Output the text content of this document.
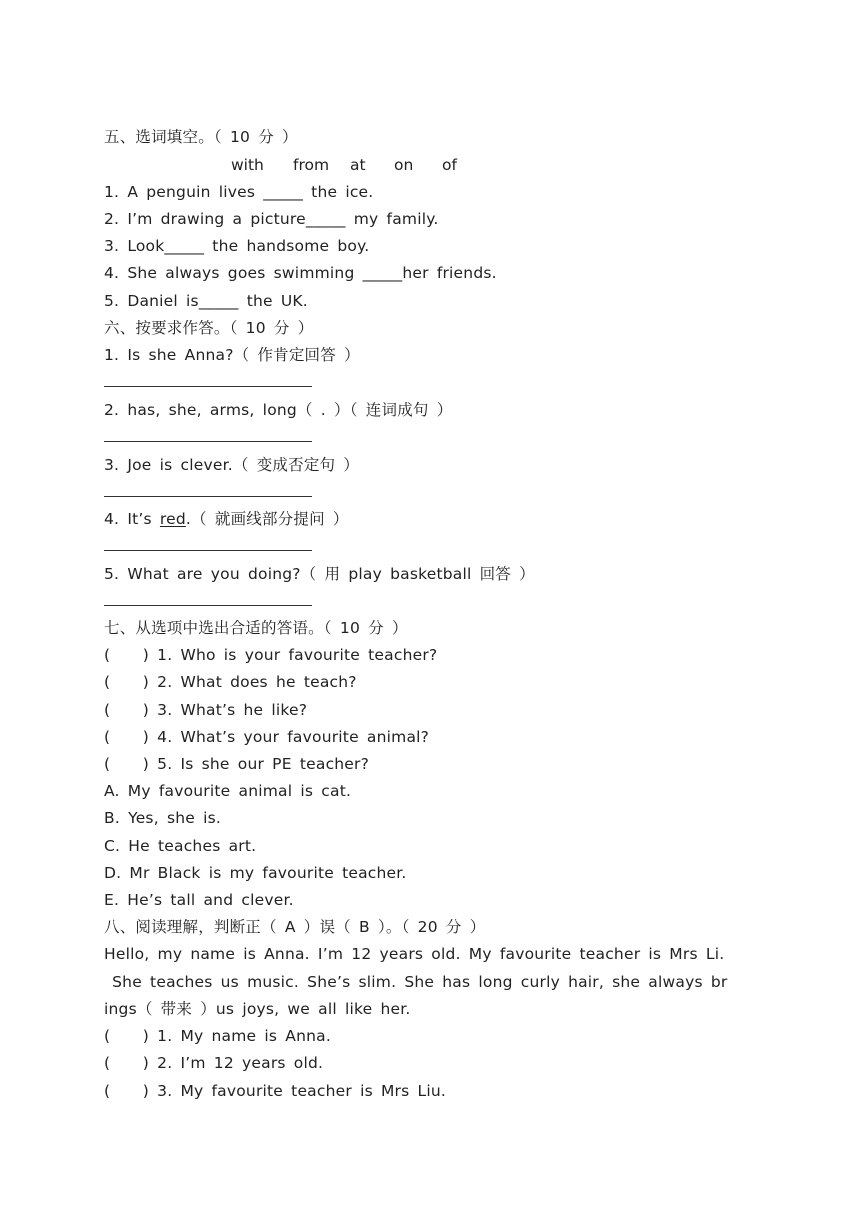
五、选词填空。（ 10 分 ）
with from at on of
1. A penguin lives _____ the ice.
2. I’m drawing a picture_____ my family.
3. Look_____ the handsome boy.
4. She always goes swimming _____her friends.
5. Daniel is_____ the UK.
六、按要求作答。（ 10 分 ）
1. Is she Anna?（ 作肯定回答 ）
2. has, she, arms, long（ . ）（ 连词成句 ）
3. Joe is clever.（ 变成否定句 ）
4. It’s red.（ 就画线部分提问 ）
5. What are you doing?（ 用 play basketball 回答 ）
七、从选项中选出合适的答语。（ 10 分 ）
(    ) 1. Who is your favourite teacher?
(    ) 2. What does he teach?
(    ) 3. What’s he like?
(    ) 4. What’s your favourite animal?
(    ) 5. Is she our PE teacher?
A. My favourite animal is cat.
B. Yes, she is.
C. He teaches art.
D. Mr Black is my favourite teacher.
E. He’s tall and clever.
八、阅读理解，判断正（ A ）误（ B ）。（ 20 分 ）
Hello, my name is Anna. I’m 12 years old. My favourite teacher is Mrs Li.
She teaches us music. She’s slim. She has long curly hair, she always br
ings（ 带来 ）us joys, we all like her.
(    ) 1. My name is Anna.
(    ) 2. I’m 12 years old.
(    ) 3. My favourite teacher is Mrs Liu.
